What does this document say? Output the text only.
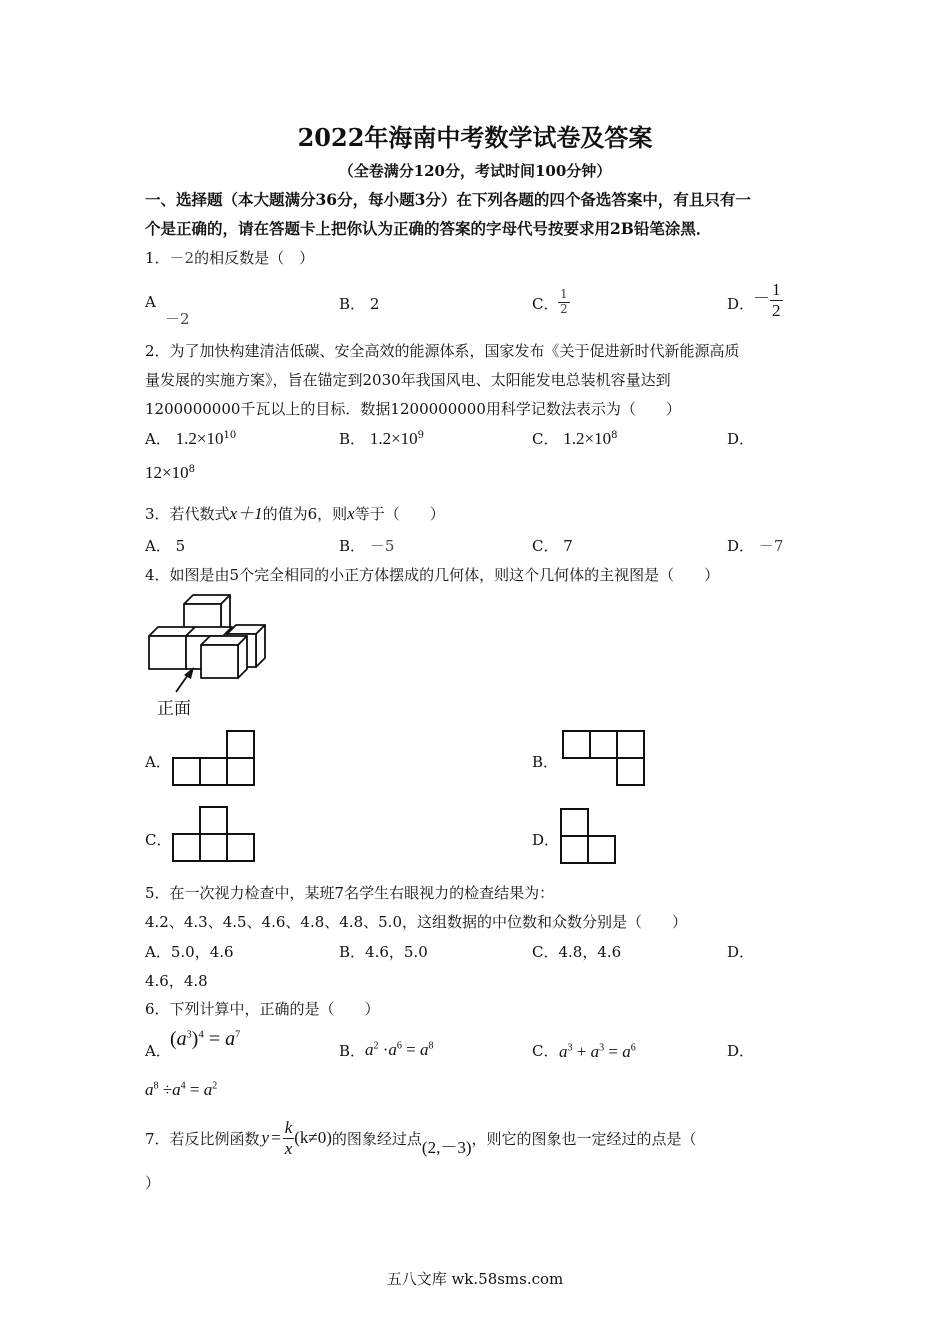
2022年海南中考数学试卷及答案
（全卷满分120分，考试时间100分钟）
一、选择题（本大题满分36分，每小题3分）在下列各题的四个备选答案中，有且只有一
个是正确的，请在答题卡上把你认为正确的答案的字母代号按要求用2B铅笔涂黑．
1．－2的相反数是（　）
A
－2
B． 2	C． $\frac{1}{2}$	D．
－ $\frac{1}{2}$
2．为了加快构建清洁低碳、安全高效的能源体系，国家发布《关于促进新时代新能源高质
量发展的实施方案》，旨在锚定到2030年我国风电、太阳能发电总装机容量达到
1200000000千瓦以上的目标．数据1200000000用科学记数法表示为（　　）
A． $1.2\times 10^{10}$	B． $1.2\times 10^9$	C． $1.2\times 10^8$	D．
$12\times 10^8$
3．若代数式x＋1的值为6，则x等于（　　）
A． 5	B． －5	C． 7	D． －7
4．如图是由5个完全相同的小正方体摆成的几何体，则这个几何体的主视图是（　　）
正面
A．	B．
C．	D．
5．在一次视力检查中，某班7名学生右眼视力的检查结果为：
4.2、4.3、4.5、4.6、4.8、4.8、5.0，这组数据的中位数和众数分别是（　　）
A．5.0，4.6	B．4.6，5.0	C．4.8，4.6	D．
4.6，4.8
6．下列计算中，正确的是（　　）
A．
$(a^3)^4 = a^7$
B． $a^2 \cdot a^6 = a^8$	C． $a^3 + a^3 = a^6$	D．
$a^8 \div a^4 = a^2$
7．若反比例函数 $y = \frac{k}{x} (k\ne 0)$ 的图象经过点 (2,－3) ，则它的图象也一定经过的点是（
）
五八文库 wk.58sms.com
